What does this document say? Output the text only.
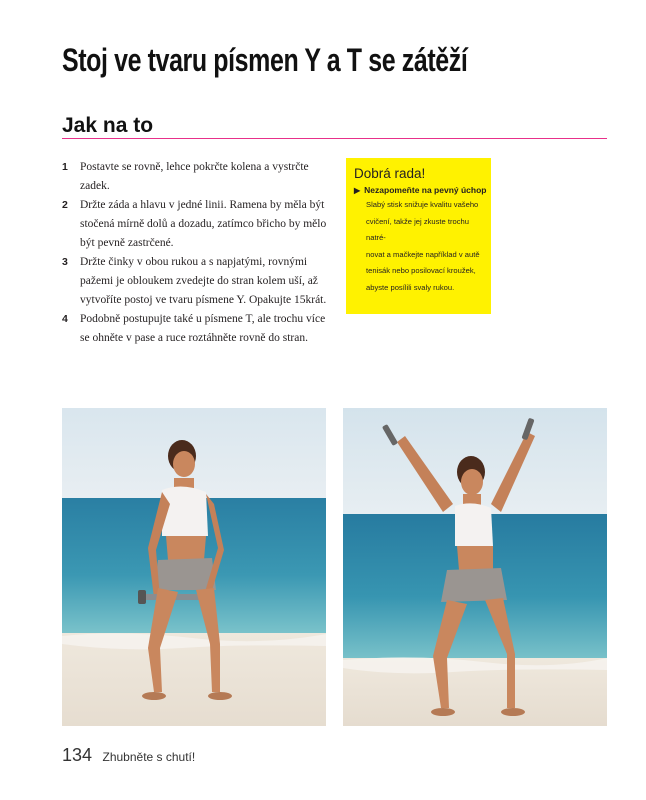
Stoj ve tvaru písmen Y a T se zátěží
Jak na to
1 Postavte se rovně, lehce pokrčte kolena a vystrčte zadek.
2 Držte záda a hlavu v jedné linii. Ramena by měla být stočená mírně dolů a dozadu, zatímco břicho by mělo být pevně zastrčené.
3 Držte činky v obou rukou a s napjatými, rovnými pažemi je obloukem zvedejte do stran kolem uší, až vytvoříte postoj ve tvaru písmene Y. Opakujte 15krát.
4 Podobně postupujte také u písmene T, ale trochu více se ohněte v pase a ruce roztáhněte rovně do stran.
Dobrá rada!
▶ Nezapomeňte na pevný úchop

Slabý stisk snižuje kvalitu vašeho
cvičení, takže jej zkuste trochu natré-
novat a mačkejte například v autě
tenisák nebo posilovací kroužek,
abyste posílili svaly rukou.

134 Zhubněte s chutí!
